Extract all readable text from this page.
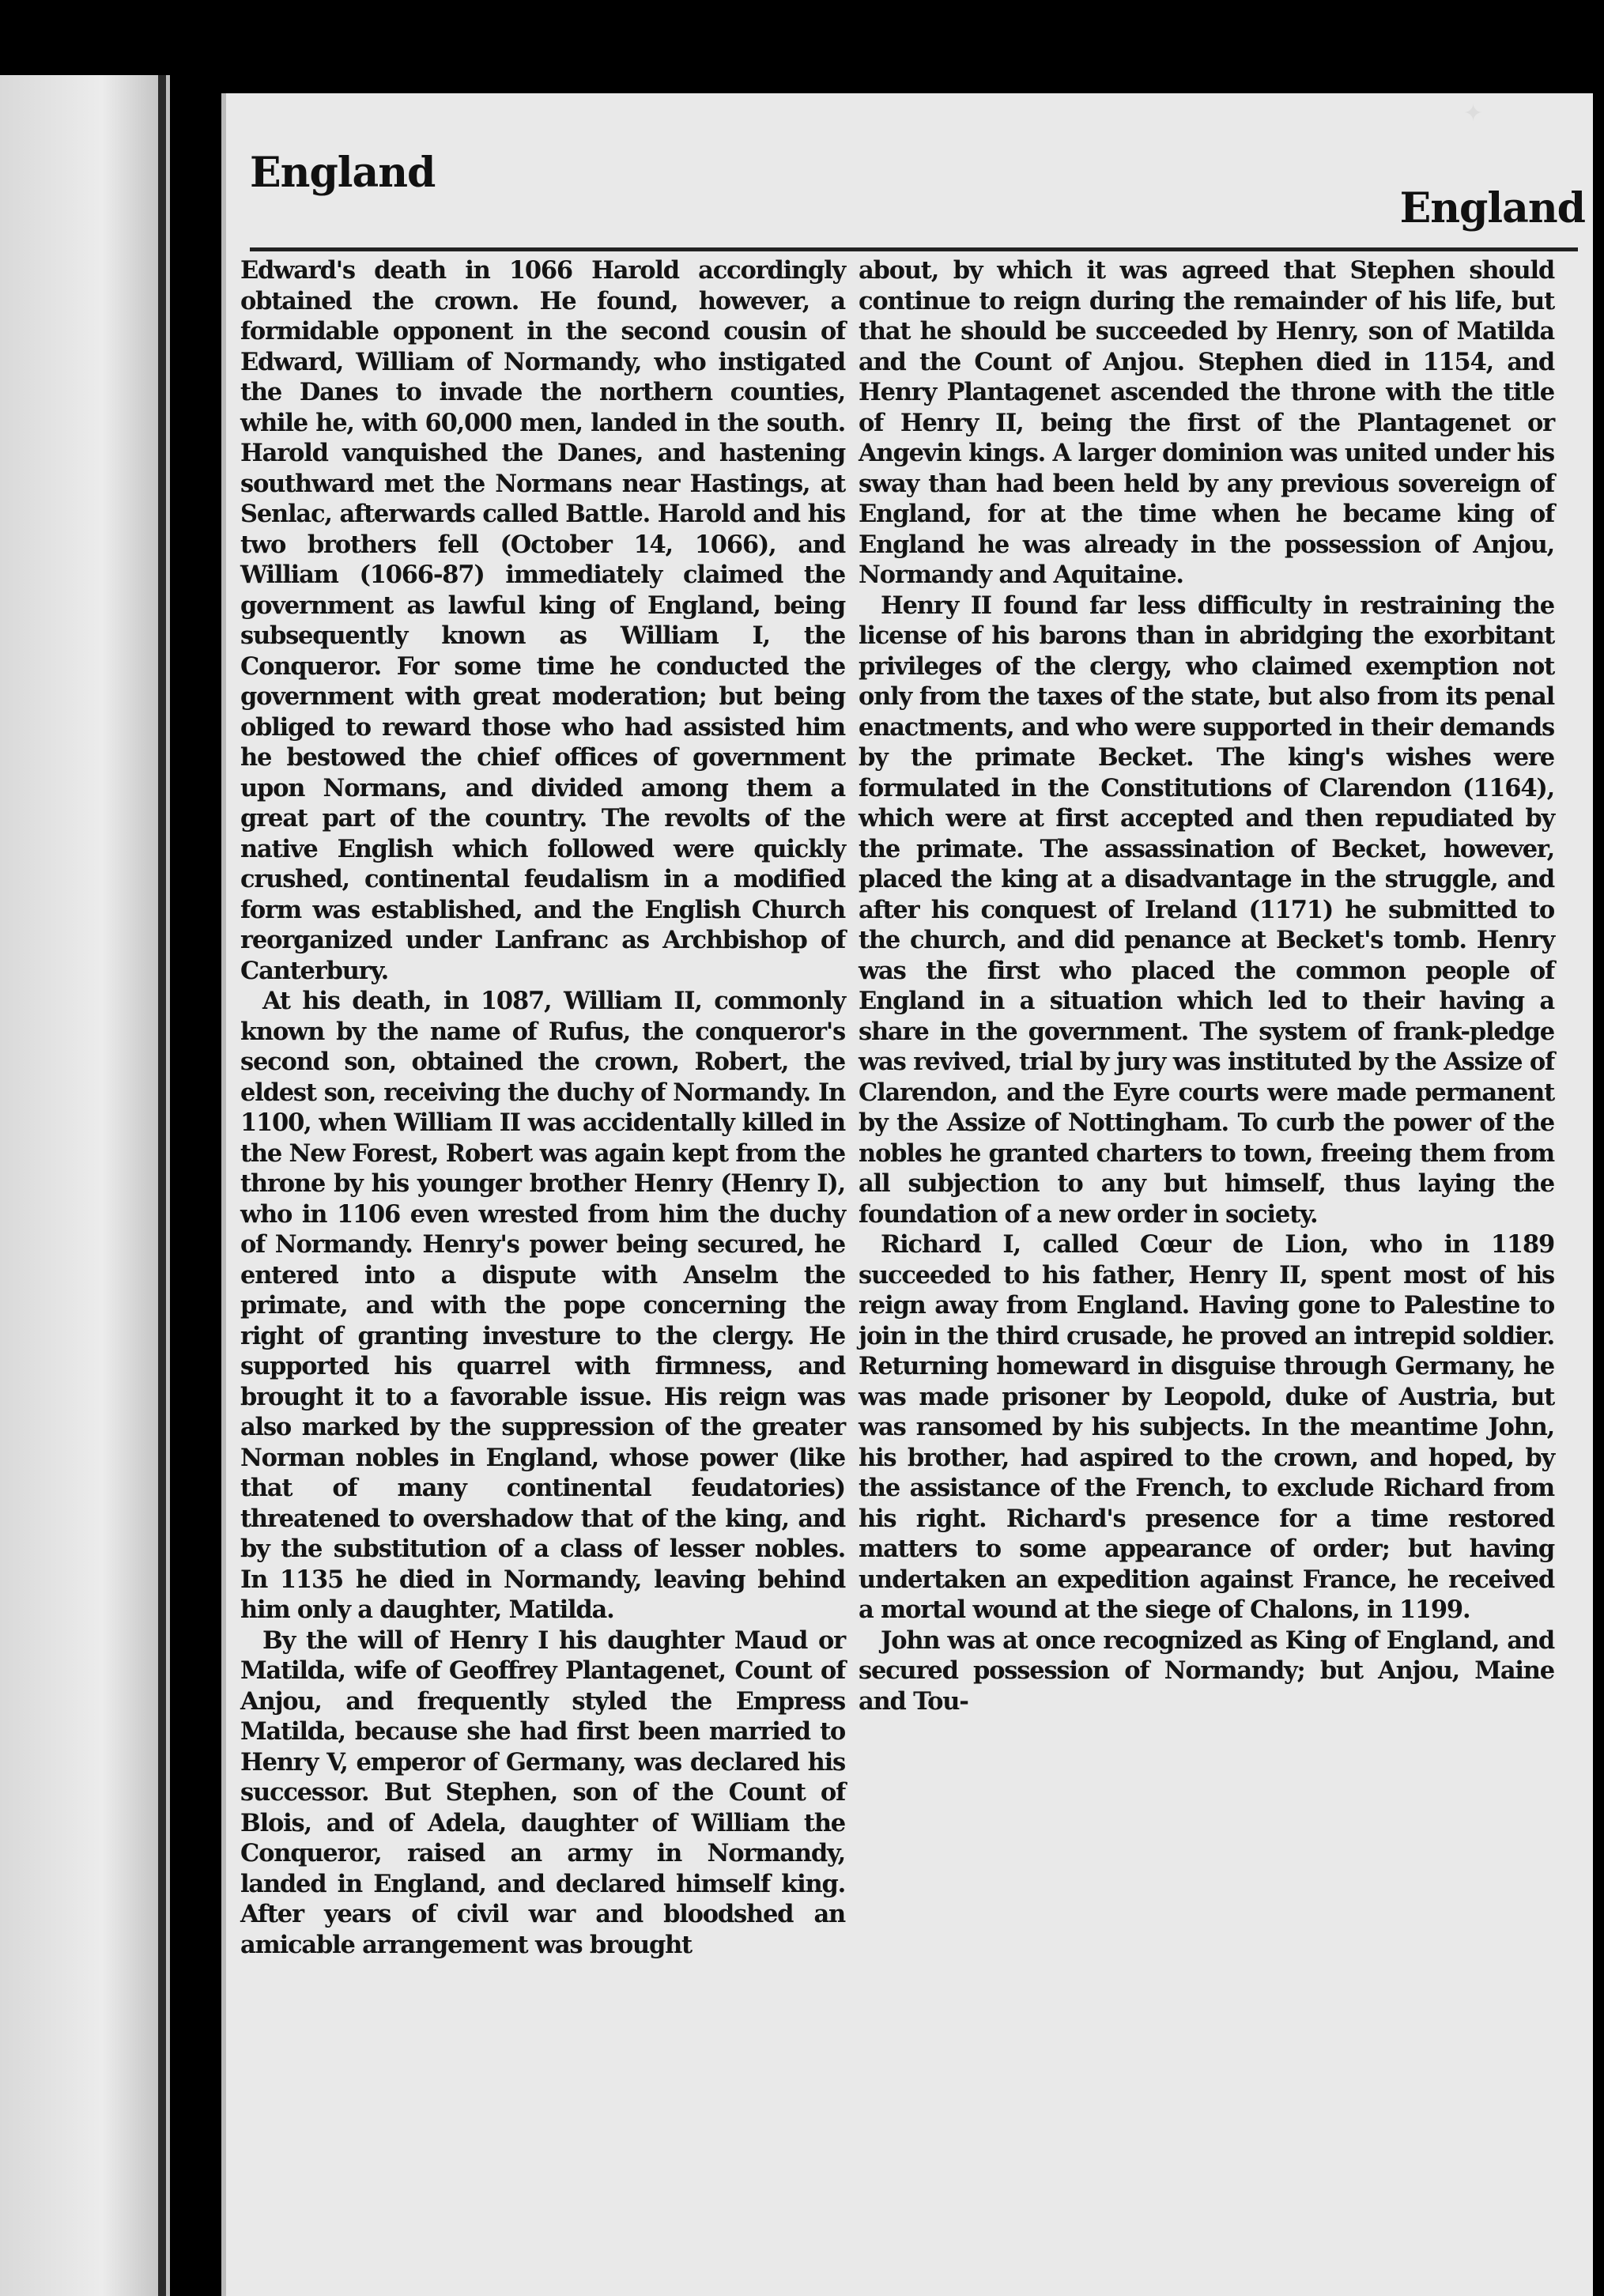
✦
England
England

Edward's death in 1066 Harold accordingly obtained the crown. He found, however, a formidable opponent in the second cousin of Edward, William of Normandy, who instigated the Danes to invade the northern counties, while he, with 60,000 men, landed in the south. Harold vanquished the Danes, and hastening southward met the Normans near Hastings, at Senlac, afterwards called Battle. Harold and his two brothers fell (October 14, 1066), and William (1066-87) immediately claimed the government as lawful king of England, being subsequently known as William I, the Conqueror. For some time he conducted the government with great moderation; but being obliged to reward those who had assisted him he bestowed the chief offices of government upon Normans, and divided among them a great part of the country. The revolts of the native English which followed were quickly crushed, continental feudalism in a modified form was established, and the English Church reorganized under Lanfranc as Archbishop of Canterbury.

At his death, in 1087, William II, commonly known by the name of Rufus, the conqueror's second son, obtained the crown, Robert, the eldest son, receiving the duchy of Normandy. In 1100, when William II was accidentally killed in the New Forest, Robert was again kept from the throne by his younger brother Henry (Henry I), who in 1106 even wrested from him the duchy of Normandy. Henry's power being secured, he entered into a dispute with Anselm the primate, and with the pope concerning the right of granting investure to the clergy. He supported his quarrel with firmness, and brought it to a favorable issue. His reign was also marked by the suppression of the greater Norman nobles in England, whose power (like that of many continental feudatories) threatened to overshadow that of the king, and by the substitution of a class of lesser nobles. In 1135 he died in Normandy, leaving behind him only a daughter, Matilda.

By the will of Henry I his daughter Maud or Matilda, wife of Geoffrey Plantagenet, Count of Anjou, and frequently styled the Empress Matilda, because she had first been married to Henry V, emperor of Germany, was declared his successor. But Stephen, son of the Count of Blois, and of Adela, daughter of William the Conqueror, raised an army in Normandy, landed in England, and declared himself king. After years of civil war and bloodshed an amicable arrangement was brought

about, by which it was agreed that Stephen should continue to reign during the remainder of his life, but that he should be succeeded by Henry, son of Matilda and the Count of Anjou. Stephen died in 1154, and Henry Plantagenet ascended the throne with the title of Henry II, being the first of the Plantagenet or Angevin kings. A larger dominion was united under his sway than had been held by any previous sovereign of England, for at the time when he became king of England he was already in the possession of Anjou, Normandy and Aquitaine.

Henry II found far less difficulty in restraining the license of his barons than in abridging the exorbitant privileges of the clergy, who claimed exemption not only from the taxes of the state, but also from its penal enactments, and who were supported in their demands by the primate Becket. The king's wishes were formulated in the Constitutions of Clarendon (1164), which were at first accepted and then repudiated by the primate. The assassination of Becket, however, placed the king at a disadvantage in the struggle, and after his conquest of Ireland (1171) he submitted to the church, and did penance at Becket's tomb. Henry was the first who placed the common people of England in a situation which led to their having a share in the government. The system of frank-pledge was revived, trial by jury was instituted by the Assize of Clarendon, and the Eyre courts were made permanent by the Assize of Nottingham. To curb the power of the nobles he granted charters to town, freeing them from all subjection to any but himself, thus laying the foundation of a new order in society.

Richard I, called Cœur de Lion, who in 1189 succeeded to his father, Henry II, spent most of his reign away from England. Having gone to Palestine to join in the third crusade, he proved an intrepid soldier. Returning homeward in disguise through Germany, he was made prisoner by Leopold, duke of Austria, but was ransomed by his subjects. In the meantime John, his brother, had aspired to the crown, and hoped, by the assistance of the French, to exclude Richard from his right. Richard's presence for a time restored matters to some appearance of order; but having undertaken an expedition against France, he received a mortal wound at the siege of Chalons, in 1199.

John was at once recognized as King of England, and secured possession of Normandy; but Anjou, Maine and Tou-
